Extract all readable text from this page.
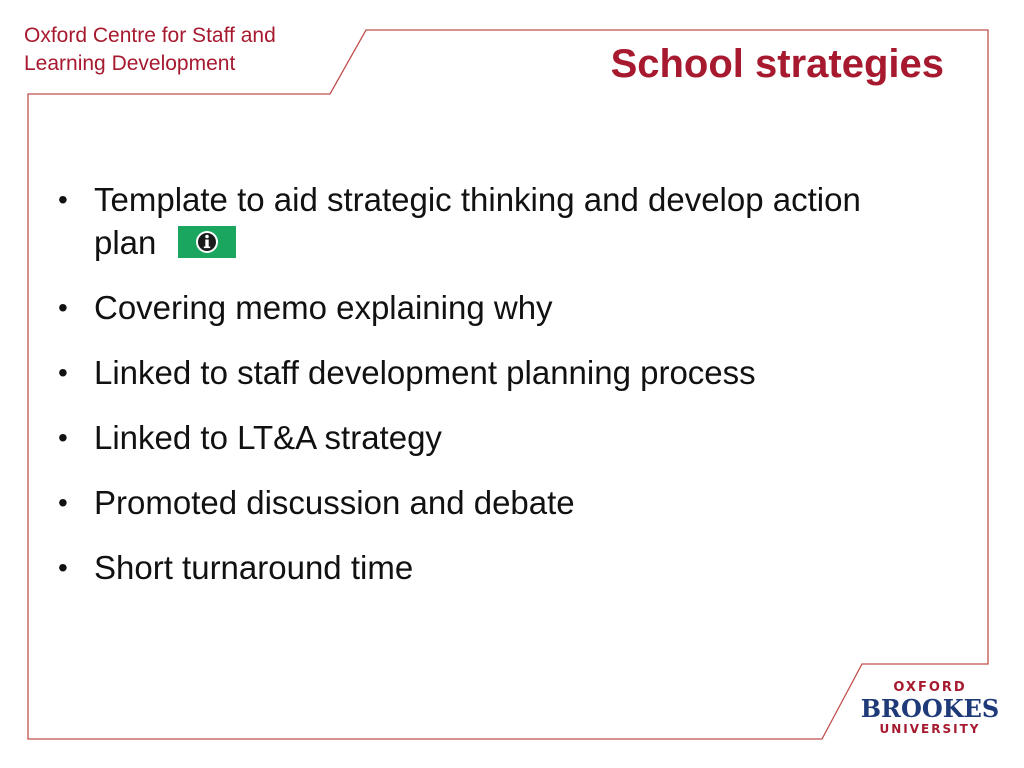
Oxford Centre for Staff and
Learning Development	School strategies
• Template to aid strategic thinking and develop action plan
• Covering memo explaining why
• Linked to staff development planning process
• Linked to LT&A strategy
• Promoted discussion and debate
• Short turnaround time
OXFORD
BROOKES
UNIVERSITY
